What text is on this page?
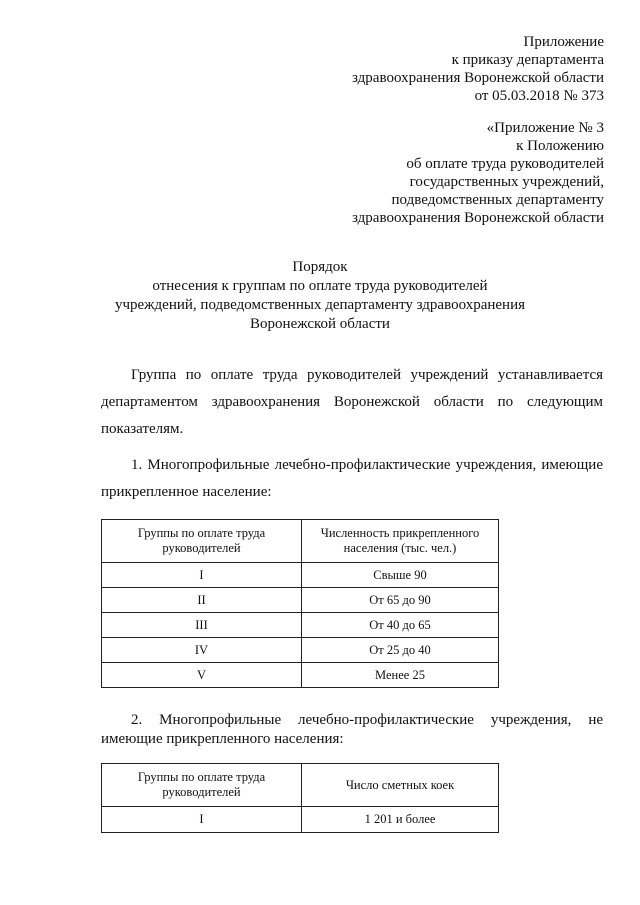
Приложение
к приказу департамента
здравоохранения Воронежской области
от 05.03.2018 № 373
«Приложение № 3
к Положению
об оплате труда руководителей
государственных учреждений,
подведомственных департаменту
здравоохранения Воронежской области
Порядок
отнесения к группам по оплате труда руководителей
учреждений, подведомственных департаменту здравоохранения
Воронежской области
Группа по оплате труда руководителей учреждений устанавливается департаментом здравоохранения Воронежской области по следующим показателям.
1. Многопрофильные лечебно-профилактические учреждения, имеющие прикрепленное население:
Группы по оплате труда руководителей	Численность прикрепленного населения (тыс. чел.)
I	Свыше 90
II	От 65 до 90
III	От 40 до 65
IV	От 25 до 40
V	Менее 25
2. Многопрофильные лечебно-профилактические учреждения, не имеющие прикрепленного населения:
Группы по оплате труда руководителей	Число сметных коек
I	1 201 и более
